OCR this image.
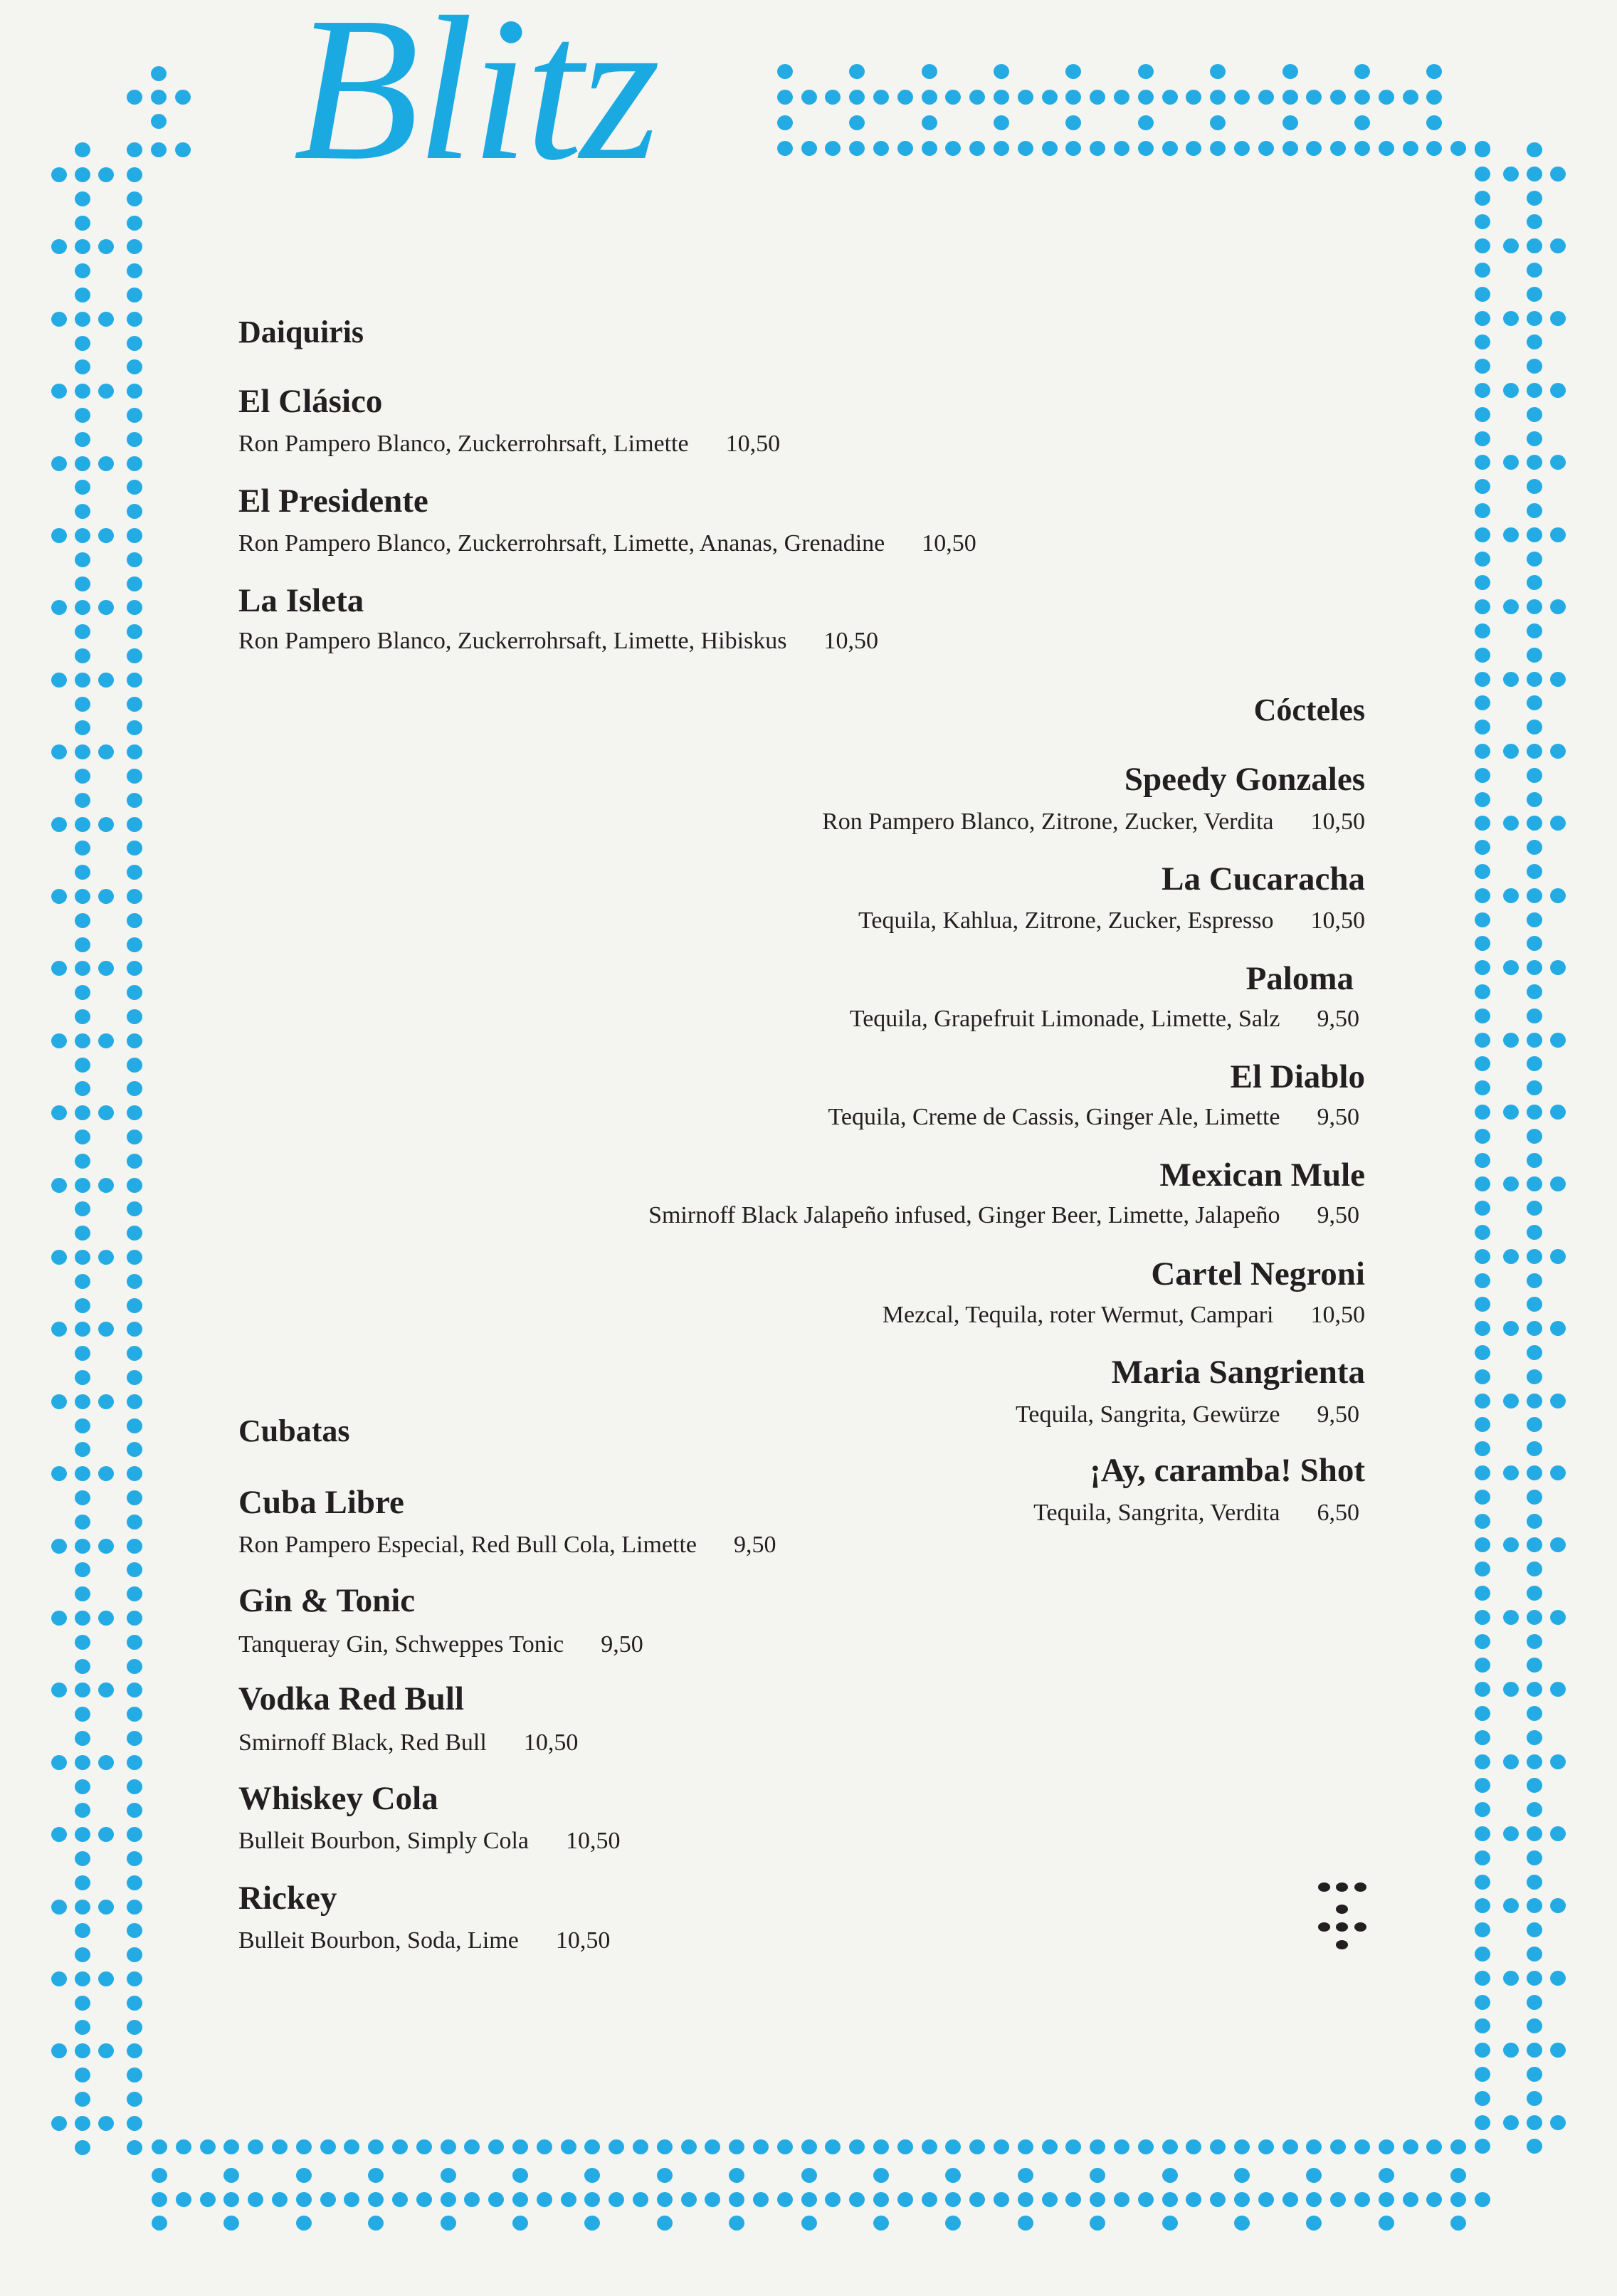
Blitz
Daiquiris
El Clásico
Ron Pampero Blanco, Zuckerrohrsaft, Limette 10,50
El Presidente
Ron Pampero Blanco, Zuckerrohrsaft, Limette, Ananas, Grenadine 10,50
La Isleta
Ron Pampero Blanco, Zuckerrohrsaft, Limette, Hibiskus 10,50
Cócteles
Speedy Gonzales
Ron Pampero Blanco, Zitrone, Zucker, Verdita 10,50
La Cucaracha
Tequila, Kahlua, Zitrone, Zucker, Espresso 10,50
Paloma
Tequila, Grapefruit Limonade, Limette, Salz 9,50
El Diablo
Tequila, Creme de Cassis, Ginger Ale, Limette 9,50
Mexican Mule
Smirnoff Black Jalapeño infused, Ginger Beer, Limette, Jalapeño 9,50
Cartel Negroni
Mezcal, Tequila, roter Wermut, Campari 10,50
Maria Sangrienta
Tequila, Sangrita, Gewürze 9,50
¡Ay, caramba! Shot
Tequila, Sangrita, Verdita 6,50
Cubatas
Cuba Libre
Ron Pampero Especial, Red Bull Cola, Limette 9,50
Gin & Tonic
Tanqueray Gin, Schweppes Tonic 9,50
Vodka Red Bull
Smirnoff Black, Red Bull 10,50
Whiskey Cola
Bulleit Bourbon, Simply Cola 10,50
Rickey
Bulleit Bourbon, Soda, Lime 10,50
